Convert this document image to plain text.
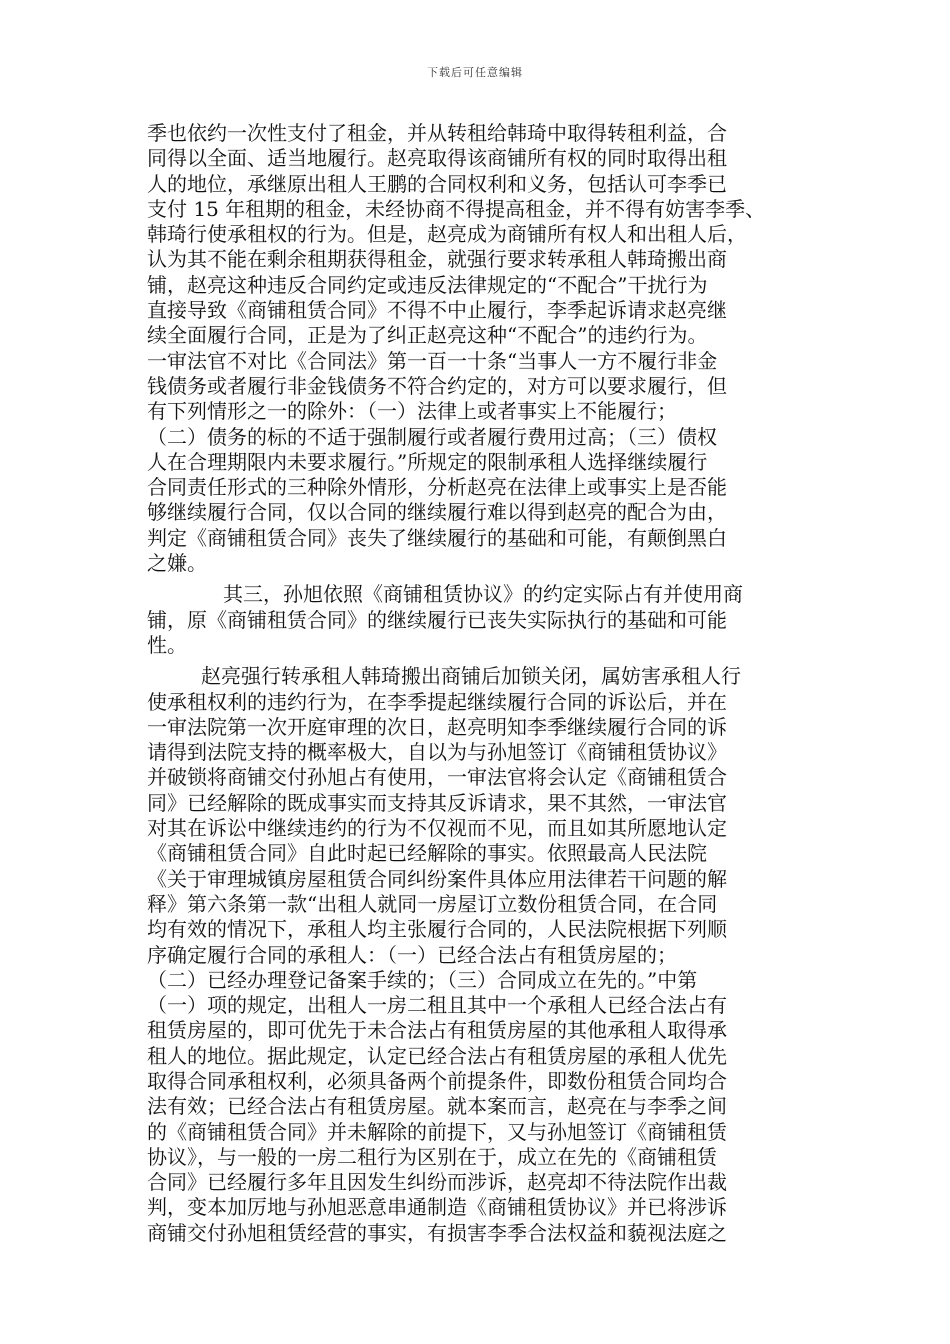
下载后可任意编辑
季也依约一次性支付了租金，并从转租给韩琦中取得转租利益，合
同得以全面、适当地履行。赵亮取得该商铺所有权的同时取得出租
人的地位，承继原出租人王鹏的合同权利和义务，包括认可李季已
支付 15 年租期的租金，未经协商不得提高租金，并不得有妨害李季、
韩琦行使承租权的行为。但是，赵亮成为商铺所有权人和出租人后，
认为其不能在剩余租期获得租金，就强行要求转承租人韩琦搬出商
铺，赵亮这种违反合同约定或违反法律规定的“不配合”干扰行为
直接导致《商铺租赁合同》不得不中止履行，李季起诉请求赵亮继
续全面履行合同，正是为了纠正赵亮这种“不配合”的违约行为。
一审法官不对比《合同法》第一百一十条“当事人一方不履行非金
钱债务或者履行非金钱债务不符合约定的，对方可以要求履行，但
有下列情形之一的除外：（一）法律上或者事实上不能履行；
（二）债务的标的不适于强制履行或者履行费用过高；（三）债权
人在合理期限内未要求履行。”所规定的限制承租人选择继续履行
合同责任形式的三种除外情形，分析赵亮在法律上或事实上是否能
够继续履行合同，仅以合同的继续履行难以得到赵亮的配合为由，
判定《商铺租赁合同》丧失了继续履行的基础和可能，有颠倒黑白
之嫌。
其三，孙旭依照《商铺租赁协议》的约定实际占有并使用商
铺，原《商铺租赁合同》的继续履行已丧失实际执行的基础和可能
性。
赵亮强行转承租人韩琦搬出商铺后加锁关闭，属妨害承租人行
使承租权利的违约行为，在李季提起继续履行合同的诉讼后，并在
一审法院第一次开庭审理的次日，赵亮明知李季继续履行合同的诉
请得到法院支持的概率极大，自以为与孙旭签订《商铺租赁协议》
并破锁将商铺交付孙旭占有使用，一审法官将会认定《商铺租赁合
同》已经解除的既成事实而支持其反诉请求，果不其然，一审法官
对其在诉讼中继续违约的行为不仅视而不见，而且如其所愿地认定
《商铺租赁合同》自此时起已经解除的事实。依照最高人民法院
《关于审理城镇房屋租赁合同纠纷案件具体应用法律若干问题的解
释》第六条第一款“出租人就同一房屋订立数份租赁合同，在合同
均有效的情况下，承租人均主张履行合同的，人民法院根据下列顺
序确定履行合同的承租人：（一）已经合法占有租赁房屋的；
（二）已经办理登记备案手续的；（三）合同成立在先的。”中第
（一）项的规定，出租人一房二租且其中一个承租人已经合法占有
租赁房屋的，即可优先于未合法占有租赁房屋的其他承租人取得承
租人的地位。据此规定，认定已经合法占有租赁房屋的承租人优先
取得合同承租权利，必须具备两个前提条件，即数份租赁合同均合
法有效；已经合法占有租赁房屋。就本案而言，赵亮在与李季之间
的《商铺租赁合同》并未解除的前提下，又与孙旭签订《商铺租赁
协议》，与一般的一房二租行为区别在于，成立在先的《商铺租赁
合同》已经履行多年且因发生纠纷而涉诉，赵亮却不待法院作出裁
判，变本加厉地与孙旭恶意串通制造《商铺租赁协议》并已将涉诉
商铺交付孙旭租赁经营的事实，有损害李季合法权益和藐视法庭之
